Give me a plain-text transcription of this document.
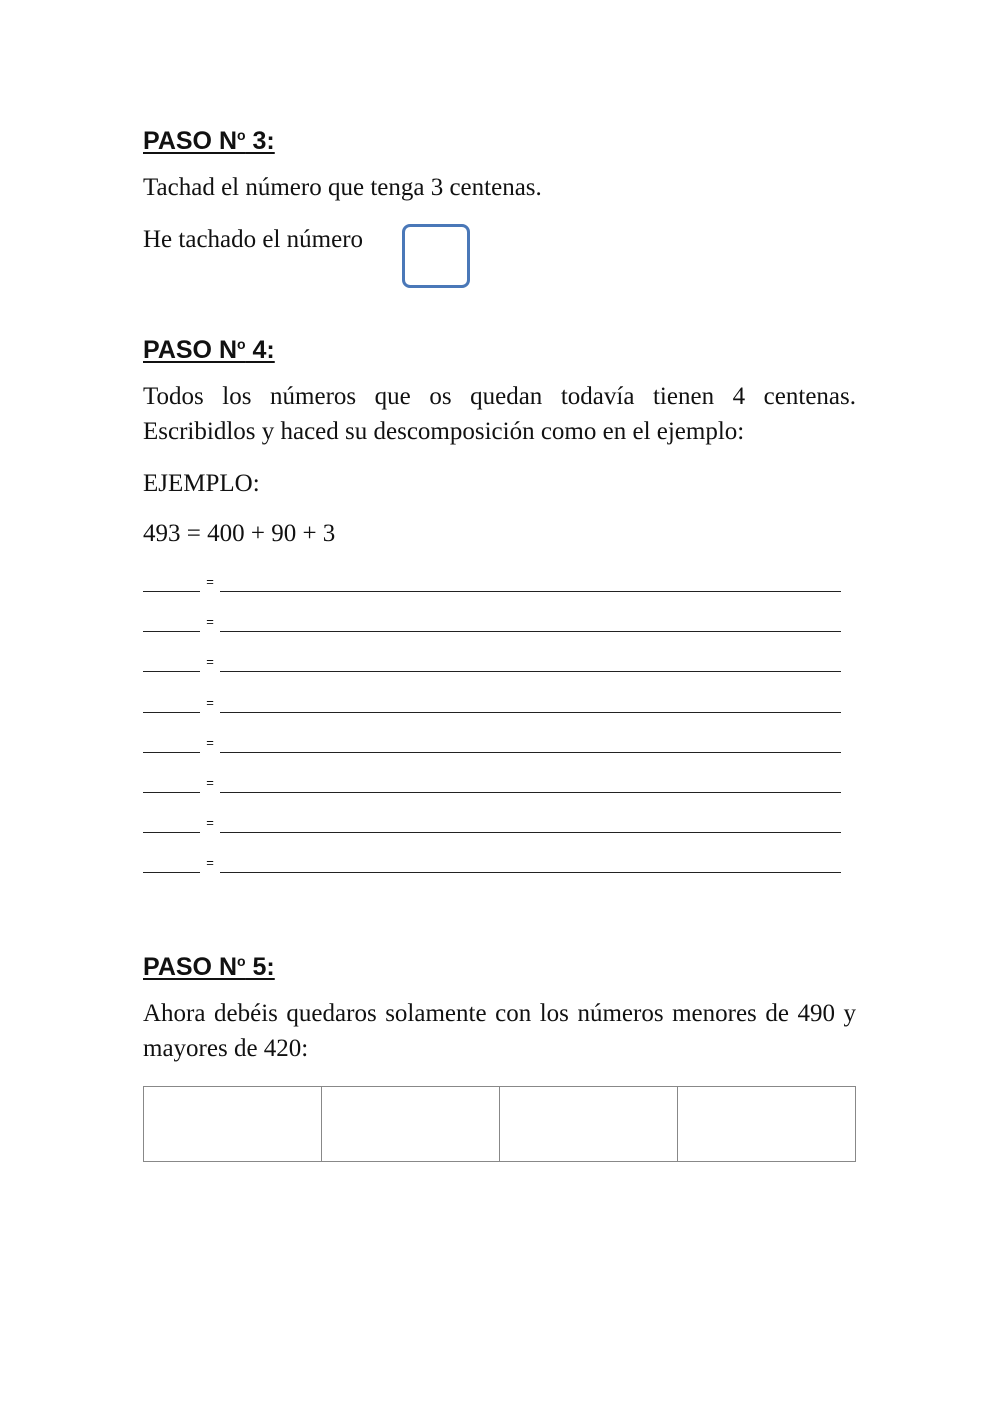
PASO $N^o$ 3:

Tachad el número que tenga 3 centenas.

He tachado el número

PASO $N^o$ 4:

Todos los números que os quedan todavía tienen 4 centenas. Escribidlos y haced su descomposición como en el ejemplo:

EJEMPLO:

493 = 400 + 90 + 3

=
=
=
=
=
=
=
=
PASO $N^o$ 5:

Ahora debéis quedaros solamente con los números menores de 490 y mayores de 420:
